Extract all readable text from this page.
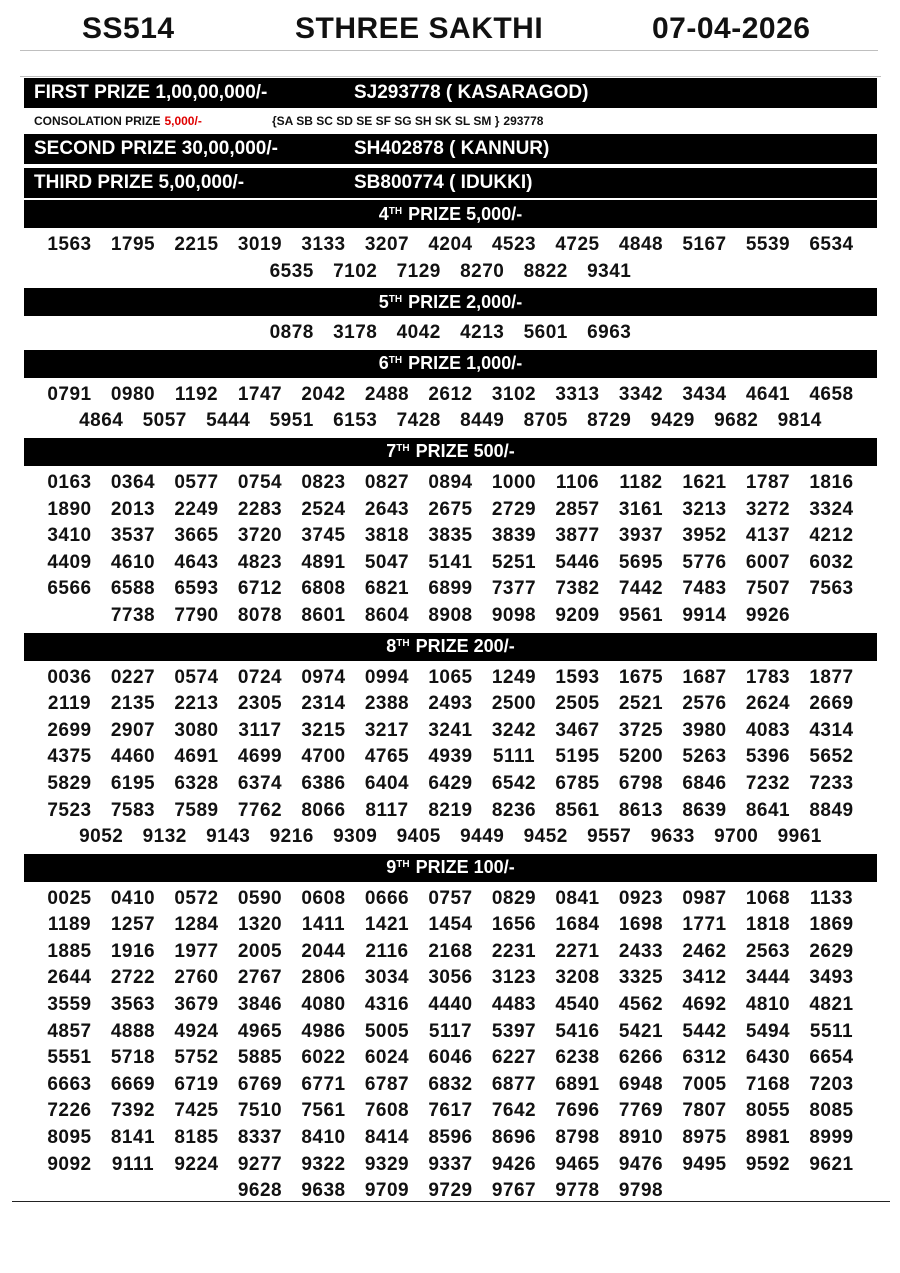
SS514	STHREE SAKTHI	07-04-2026
FIRST PRIZE 1,00,00,000/-	SJ293778 ( KASARAGOD)
CONSOLATION PRIZE 5,000/-	{SA SB SC SD SE SF SG SH SK SL SM } 293778
SECOND PRIZE 30,00,000/-	SH402878 ( KANNUR)
THIRD PRIZE 5,00,000/-	SB800774 ( IDUKKI)
4TH
PRIZE 5,000/-
1563	1795	2215	3019	3133	3207	4204	4523	4725	4848	5167	5539	6534
6535	7102	7129	8270	8822	9341
5TH
PRIZE 2,000/-
0878	3178	4042	4213	5601	6963
6TH
PRIZE 1,000/-
0791	0980	1192	1747	2042	2488	2612	3102	3313	3342	3434	4641	4658
4864	5057	5444	5951	6153	7428	8449	8705	8729	9429	9682	9814
7TH
PRIZE 500/-
0163	0364	0577	0754	0823	0827	0894	1000	1106	1182	1621	1787	1816
1890	2013	2249	2283	2524	2643	2675	2729	2857	3161	3213	3272	3324
3410	3537	3665	3720	3745	3818	3835	3839	3877	3937	3952	4137	4212
4409	4610	4643	4823	4891	5047	5141	5251	5446	5695	5776	6007	6032
6566	6588	6593	6712	6808	6821	6899	7377	7382	7442	7483	7507	7563
7738	7790	8078	8601	8604	8908	9098	9209	9561	9914	9926
8TH
PRIZE 200/-
0036	0227	0574	0724	0974	0994	1065	1249	1593	1675	1687	1783	1877
2119	2135	2213	2305	2314	2388	2493	2500	2505	2521	2576	2624	2669
2699	2907	3080	3117	3215	3217	3241	3242	3467	3725	3980	4083	4314
4375	4460	4691	4699	4700	4765	4939	5111	5195	5200	5263	5396	5652
5829	6195	6328	6374	6386	6404	6429	6542	6785	6798	6846	7232	7233
7523	7583	7589	7762	8066	8117	8219	8236	8561	8613	8639	8641	8849
9052	9132	9143	9216	9309	9405	9449	9452	9557	9633	9700	9961
9TH
PRIZE 100/-
0025	0410	0572	0590	0608	0666	0757	0829	0841	0923	0987	1068	1133
1189	1257	1284	1320	1411	1421	1454	1656	1684	1698	1771	1818	1869
1885	1916	1977	2005	2044	2116	2168	2231	2271	2433	2462	2563	2629
2644	2722	2760	2767	2806	3034	3056	3123	3208	3325	3412	3444	3493
3559	3563	3679	3846	4080	4316	4440	4483	4540	4562	4692	4810	4821
4857	4888	4924	4965	4986	5005	5117	5397	5416	5421	5442	5494	5511
5551	5718	5752	5885	6022	6024	6046	6227	6238	6266	6312	6430	6654
6663	6669	6719	6769	6771	6787	6832	6877	6891	6948	7005	7168	7203
7226	7392	7425	7510	7561	7608	7617	7642	7696	7769	7807	8055	8085
8095	8141	8185	8337	8410	8414	8596	8696	8798	8910	8975	8981	8999
9092	9111	9224	9277	9322	9329	9337	9426	9465	9476	9495	9592	9621
9628	9638	9709	9729	9767	9778	9798
